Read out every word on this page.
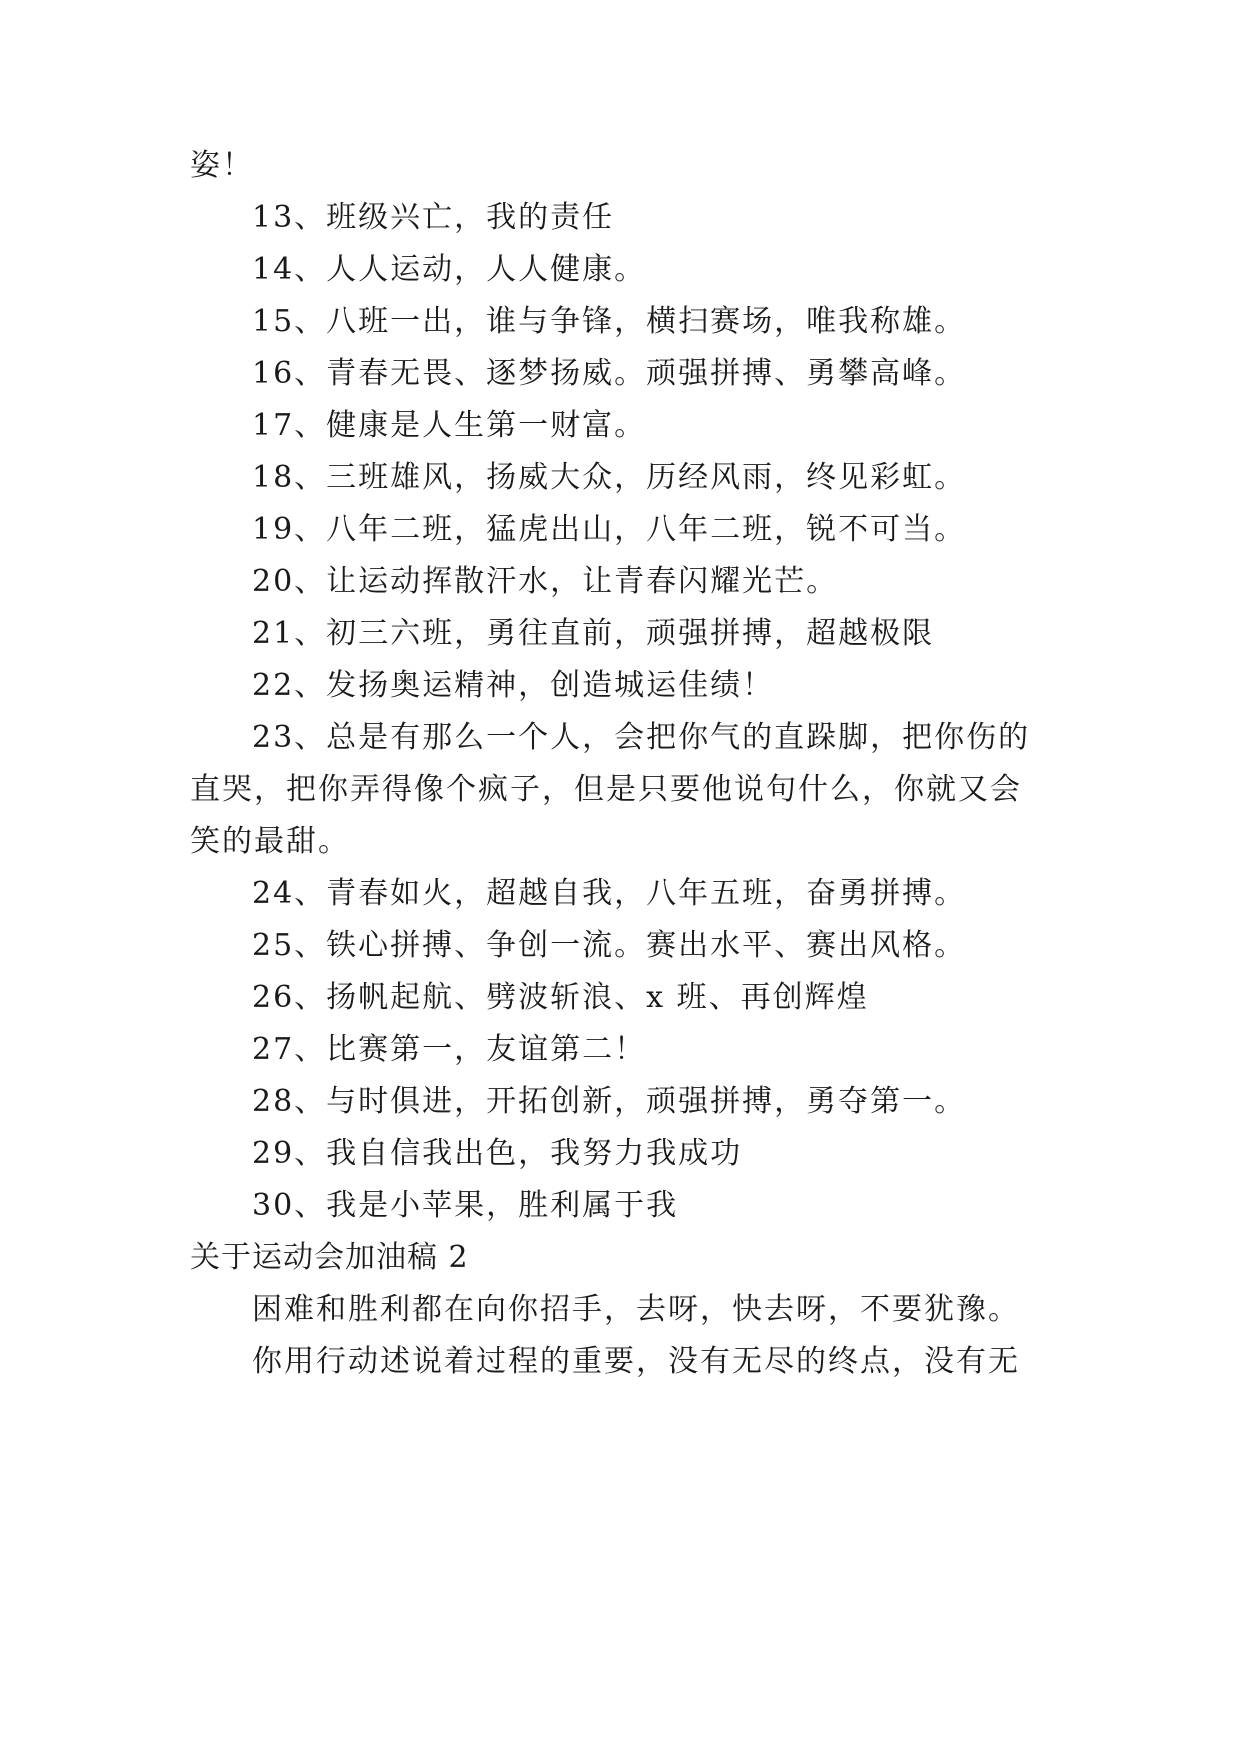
姿！
13、班级兴亡，我的责任
14、人人运动，人人健康。
15、八班一出，谁与争锋，横扫赛场，唯我称雄。
16、青春无畏、逐梦扬威。顽强拼搏、勇攀高峰。
17、健康是人生第一财富。
18、三班雄风，扬威大众，历经风雨，终见彩虹。
19、八年二班，猛虎出山，八年二班，锐不可当。
20、让运动挥散汗水，让青春闪耀光芒。
21、初三六班，勇往直前，顽强拼搏，超越极限
22、发扬奥运精神，创造城运佳绩！
23、总是有那么一个人，会把你气的直跺脚，把你伤的
直哭，把你弄得像个疯子，但是只要他说句什么，你就又会
笑的最甜。
24、青春如火，超越自我，八年五班，奋勇拼搏。
25、铁心拼搏、争创一流。赛出水平、赛出风格。
26、扬帆起航、劈波斩浪、x 班、再创辉煌
27、比赛第一，友谊第二！
28、与时俱进，开拓创新，顽强拼搏，勇夺第一。
29、我自信我出色，我努力我成功
30、我是小苹果，胜利属于我
关于运动会加油稿 2
困难和胜利都在向你招手，去呀，快去呀，不要犹豫。
你用行动述说着过程的重要，没有无尽的终点，没有无
